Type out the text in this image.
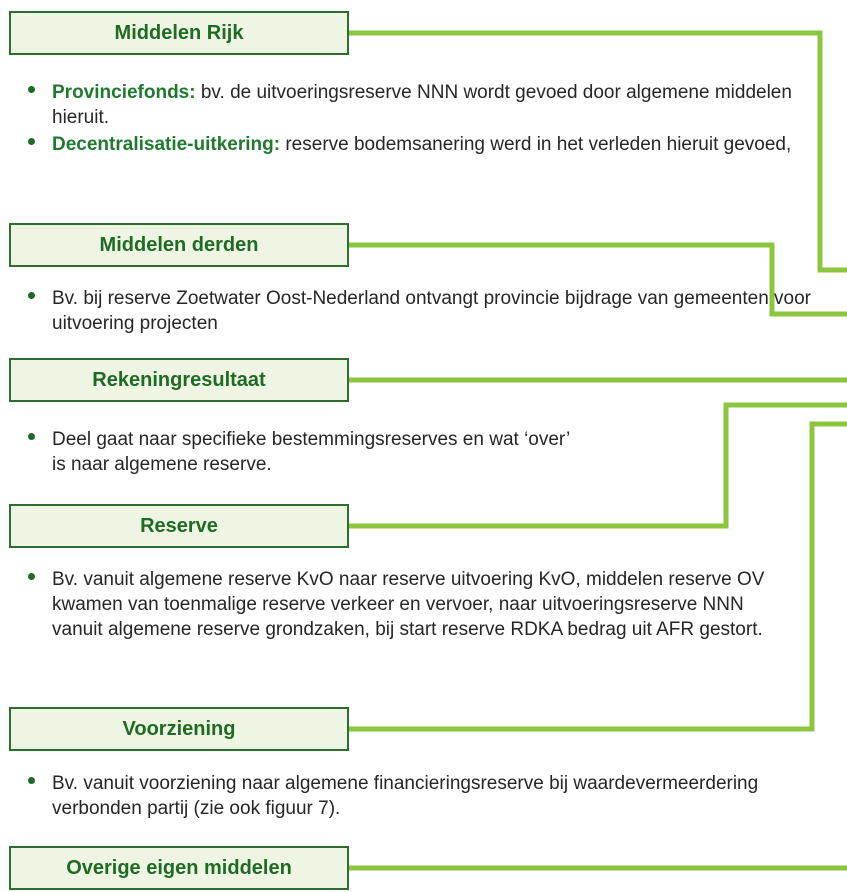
Middelen Rijk
Provinciefonds: bv. de uitvoeringsreserve NNN wordt gevoed door algemene middelen hieruit.
Decentralisatie-uitkering: reserve bodemsanering werd in het verleden hieruit gevoed,
Middelen derden
Bv. bij reserve Zoetwater Oost-Nederland ontvangt provincie bijdrage van gemeenten voor uitvoering projecten
Rekeningresultaat
Deel gaat naar specifieke bestemmingsreserves en wat ‘over’ is naar algemene reserve.
Reserve
Bv. vanuit algemene reserve KvO naar reserve uitvoering KvO, middelen reserve OV kwamen van toenmalige reserve verkeer en vervoer, naar uitvoeringsreserve NNN vanuit algemene reserve grondzaken, bij start reserve RDKA bedrag uit AFR gestort.
Voorziening
Bv. vanuit voorziening naar algemene financieringsreserve bij waardevermeerdering verbonden partij (zie ook figuur 7).
Overige eigen middelen
